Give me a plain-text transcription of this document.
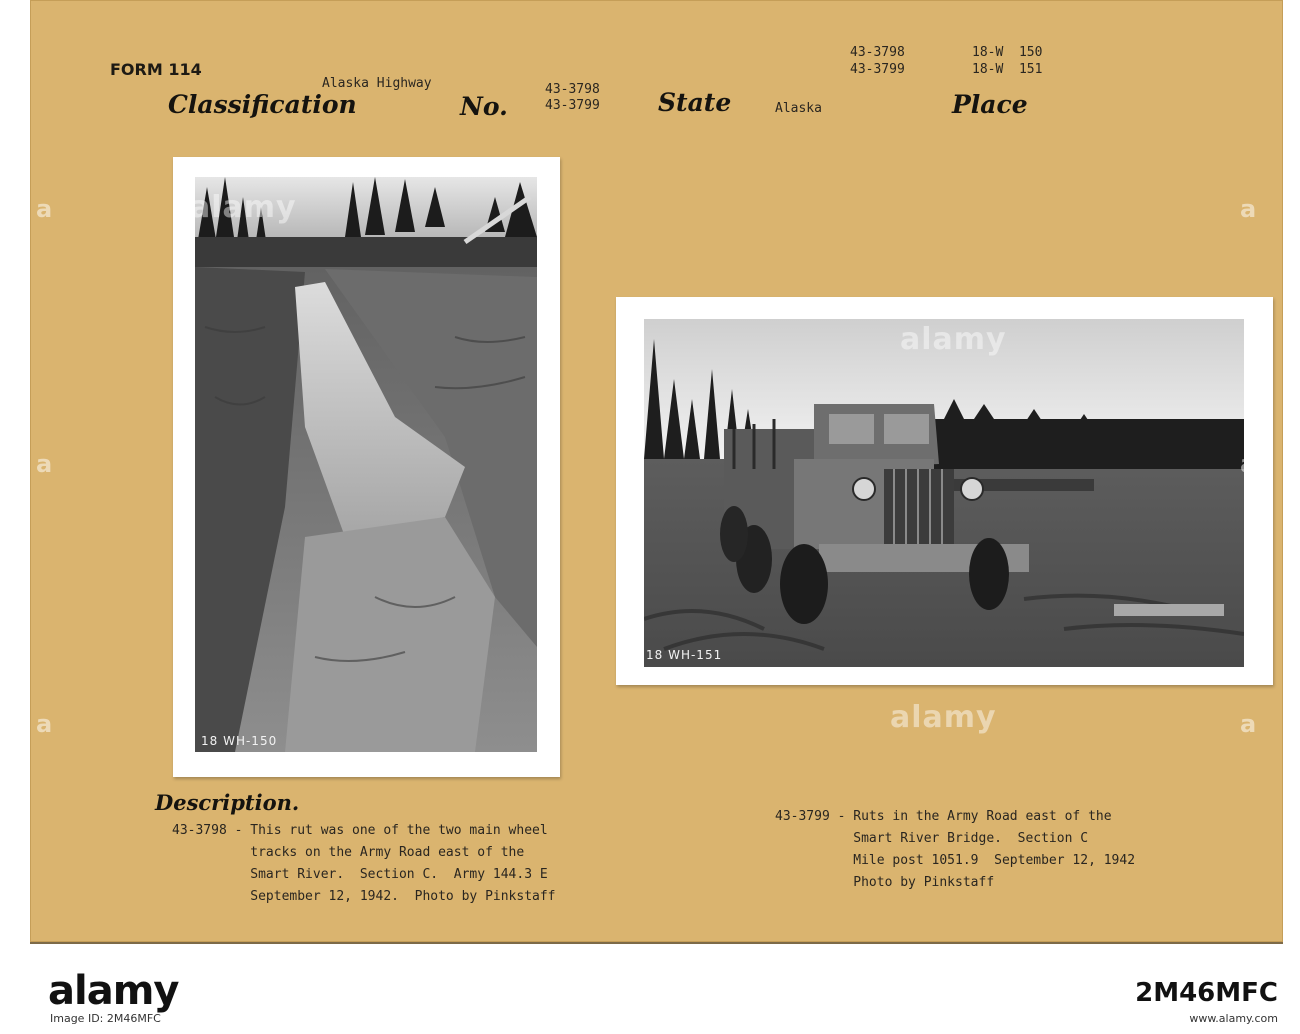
FORM 114
Alaska Highway
Classification	No.
43-3798
43-3799 State	Alaska	Place
43-3798	18-W  150
43-3799	18-W  151
18 WH-150
18 WH-151
alamy
alamy
alamy
a	a
a	a
a	a
Description.
43-3798 - This rut was one of the two main wheel
tracks on the Army Road east of the
Smart River.  Section C.  Army 144.3 E
September 12, 1942.  Photo by Pinkstaff
43-3799 - Ruts in the Army Road east of the
Smart River Bridge.  Section C
Mile post 1051.9  September 12, 1942
Photo by Pinkstaff
alamy
Image ID: 2M46MFC
2M46MFC
www.alamy.com
